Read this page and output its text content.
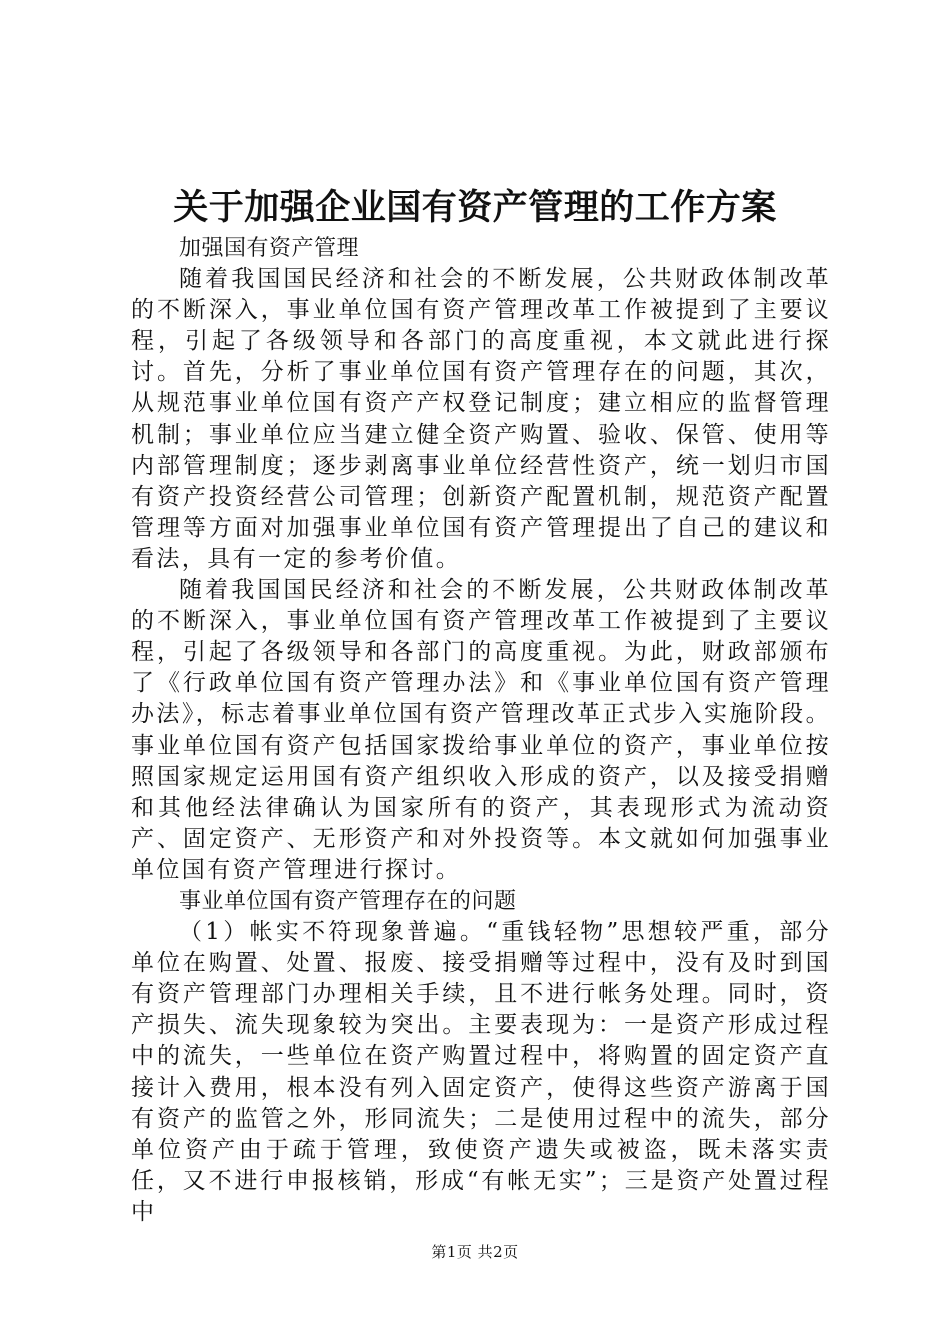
关于加强企业国有资产管理的工作方案

加强国有资产管理

随着我国国民经济和社会的不断发展，公共财政体制改革的不断深入，事业单位国有资产管理改革工作被提到了主要议程，引起了各级领导和各部门的高度重视，本文就此进行探讨。首先，分析了事业单位国有资产管理存在的问题，其次，从规范事业单位国有资产产权登记制度；建立相应的监督管理机制；事业单位应当建立健全资产购置、验收、保管、使用等内部管理制度；逐步剥离事业单位经营性资产，统一划归市国有资产投资经营公司管理；创新资产配置机制，规范资产配置管理等方面对加强事业单位国有资产管理提出了自己的建议和看法，具有一定的参考价值。

随着我国国民经济和社会的不断发展，公共财政体制改革的不断深入，事业单位国有资产管理改革工作被提到了主要议程，引起了各级领导和各部门的高度重视。为此，财政部颁布了《行政单位国有资产管理办法》和《事业单位国有资产管理办法》，标志着事业单位国有资产管理改革正式步入实施阶段。事业单位国有资产包括国家拨给事业单位的资产，事业单位按照国家规定运用国有资产组织收入形成的资产，以及接受捐赠和其他经法律确认为国家所有的资产，其表现形式为流动资产、固定资产、无形资产和对外投资等。本文就如何加强事业单位国有资产管理进行探讨。

事业单位国有资产管理存在的问题

（1）帐实不符现象普遍。“重钱轻物”思想较严重，部分单位在购置、处置、报废、接受捐赠等过程中，没有及时到国有资产管理部门办理相关手续，且不进行帐务处理。同时，资产损失、流失现象较为突出。主要表现为：一是资产形成过程中的流失，一些单位在资产购置过程中，将购置的固定资产直接计入费用，根本没有列入固定资产，使得这些资产游离于国有资产的监管之外，形同流失；二是使用过程中的流失，部分单位资产由于疏于管理，致使资产遗失或被盗，既未落实责任，又不进行申报核销，形成“有帐无实”；三是资产处置过程中

第1页 共2页
